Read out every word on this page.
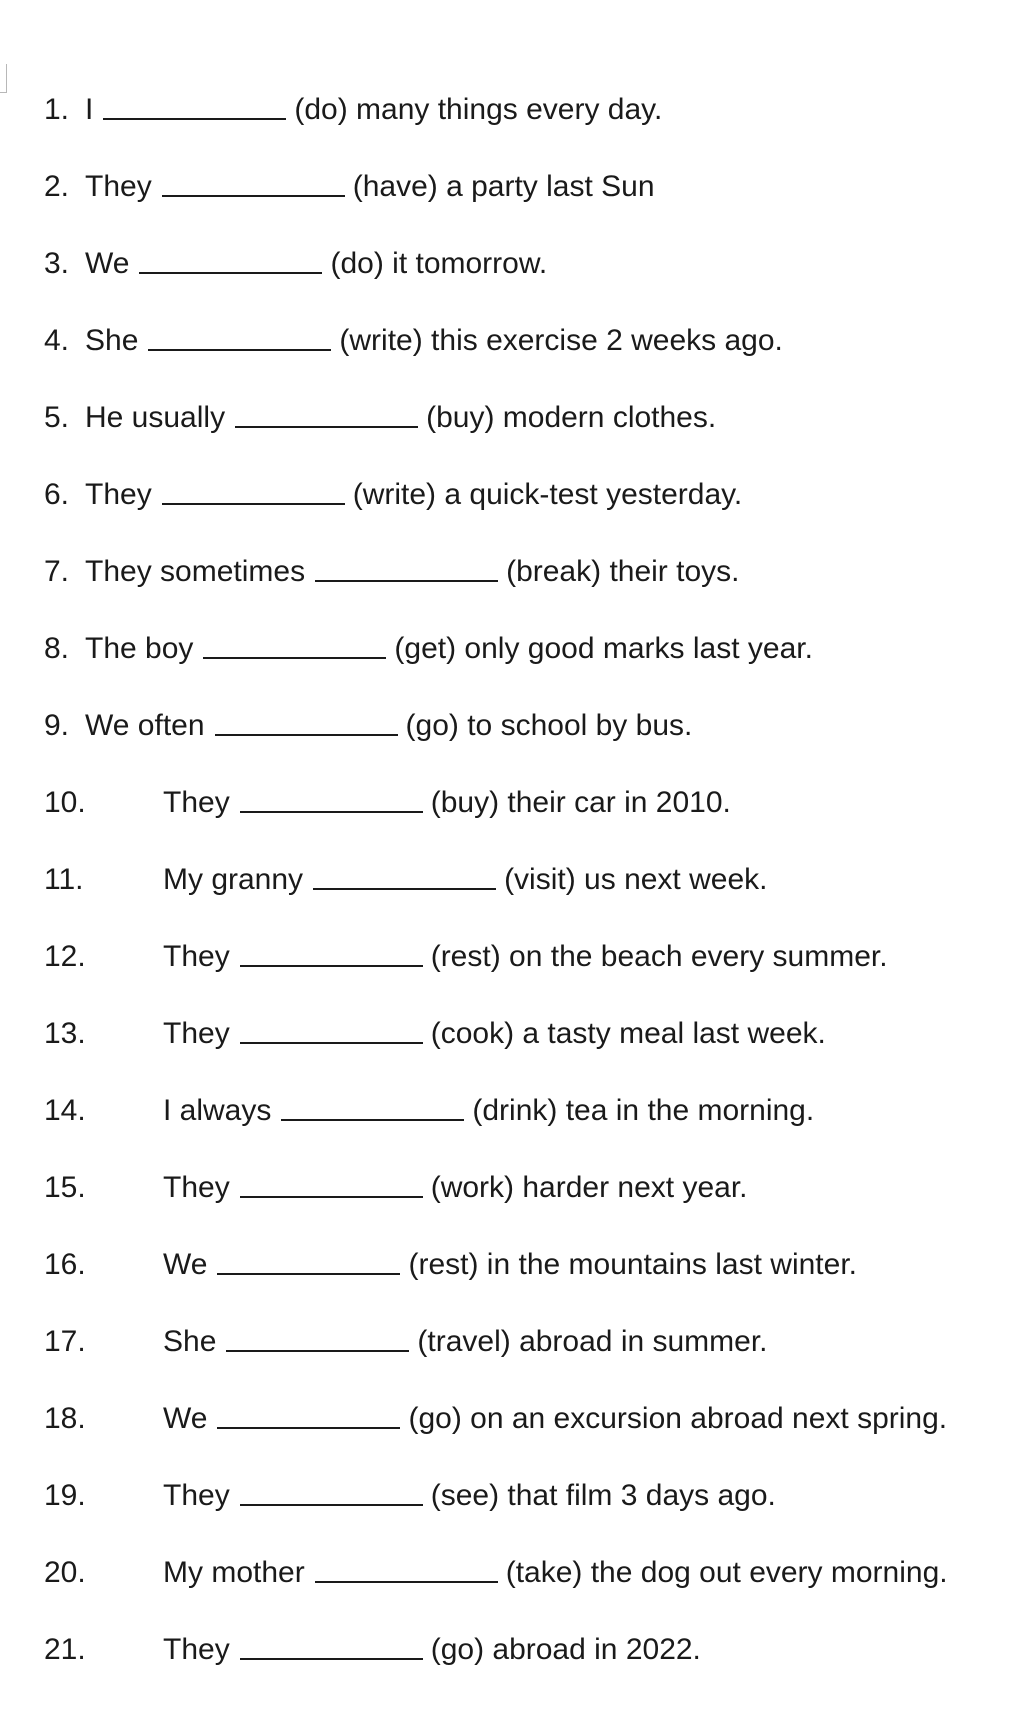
1. I	(do) many things every day.
2. They	(have) a party last Sun
3. We	(do) it tomorrow.
4. She	(write) this exercise 2 weeks ago.
5. He usually	(buy) modern clothes.
6. They	(write) a quick-test yesterday.
7. They sometimes	(break) their toys.
8. The boy	(get) only good marks last year.
9. We often	(go) to school by bus.
10.	They	(buy) their car in 2010.
11.	My granny	(visit) us next week.
12.	They	(rest) on the beach every summer.
13.	They	(cook) a tasty meal last week.
14.	I always	(drink) tea in the morning.
15.	They	(work) harder next year.
16.	We	(rest) in the mountains last winter.
17.	She	(travel) abroad in summer.
18.	We	(go) on an excursion abroad next spring.
19.	They	(see) that film 3 days ago.
20.	My mother	(take) the dog out every morning.
21.	They	(go) abroad in 2022.
